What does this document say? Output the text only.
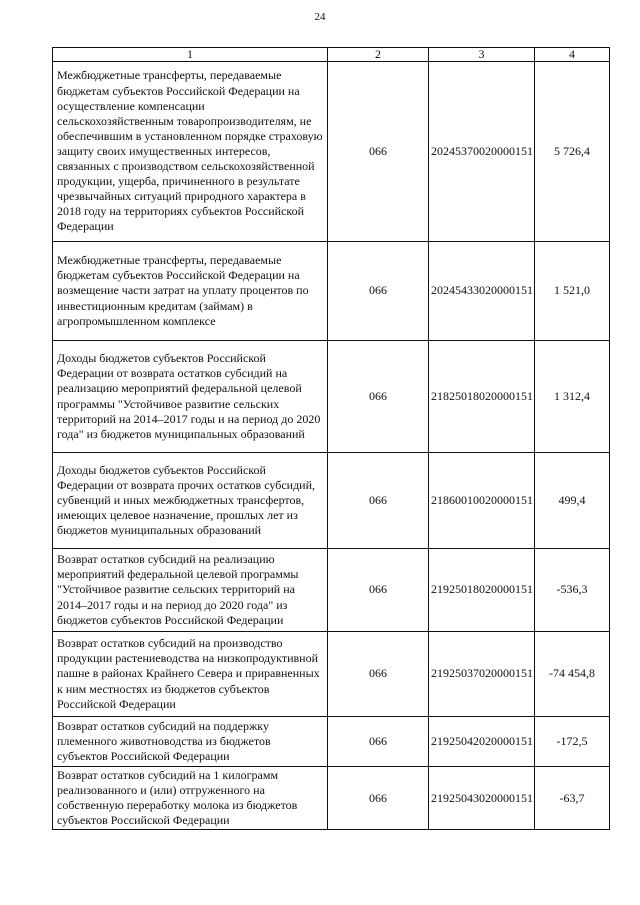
24
1	2	3	4
Межбюджетные трансферты, передаваемые бюджетам субъектов Российской Федерации на осуществление компенсации сельскохозяйственным товаропроизводителям, не обеспечившим в установленном порядке страховую защиту своих имущественных интересов, связанных с производством сельскохозяйственной продукции, ущерба, причиненного в результате чрезвычайных ситуаций природного характера в 2018 году на территориях субъектов Российской Федерации	066	20245370020000151	5 726,4
Межбюджетные трансферты, передаваемые бюджетам субъектов Российской Федерации на возмещение части затрат на уплату процентов по инвестиционным кредитам (займам) в агропромышленном комплексе	066	20245433020000151	1 521,0
Доходы бюджетов субъектов Российской Федерации от возврата остатков субсидий на реализацию мероприятий федеральной целевой программы "Устойчивое развитие сельских территорий на 2014–2017 годы и на период до 2020 года" из бюджетов муниципальных образований	066	21825018020000151	1 312,4
Доходы бюджетов субъектов Российской Федерации от возврата прочих остатков субсидий, субвенций и иных межбюджетных трансфертов, имеющих целевое назначение, прошлых лет из бюджетов муниципальных образований	066	21860010020000151	499,4
Возврат остатков субсидий на реализацию мероприятий федеральной целевой программы "Устойчивое развитие сельских территорий на 2014–2017 годы и на период до 2020 года" из бюджетов субъектов Российской Федерации	066	21925018020000151	-536,3
Возврат остатков субсидий на производство продукции растениеводства на низкопродуктивной пашне в районах Крайнего Севера и приравненных к ним местностях из бюджетов субъектов Российской Федерации	066	21925037020000151	-74 454,8
Возврат остатков субсидий на поддержку племенного животноводства из бюджетов субъектов Российской Федерации	066	21925042020000151	-172,5
Возврат остатков субсидий на 1 килограмм реализованного и (или) отгруженного на собственную переработку молока из бюджетов субъектов Российской Федерации	066	21925043020000151	-63,7
